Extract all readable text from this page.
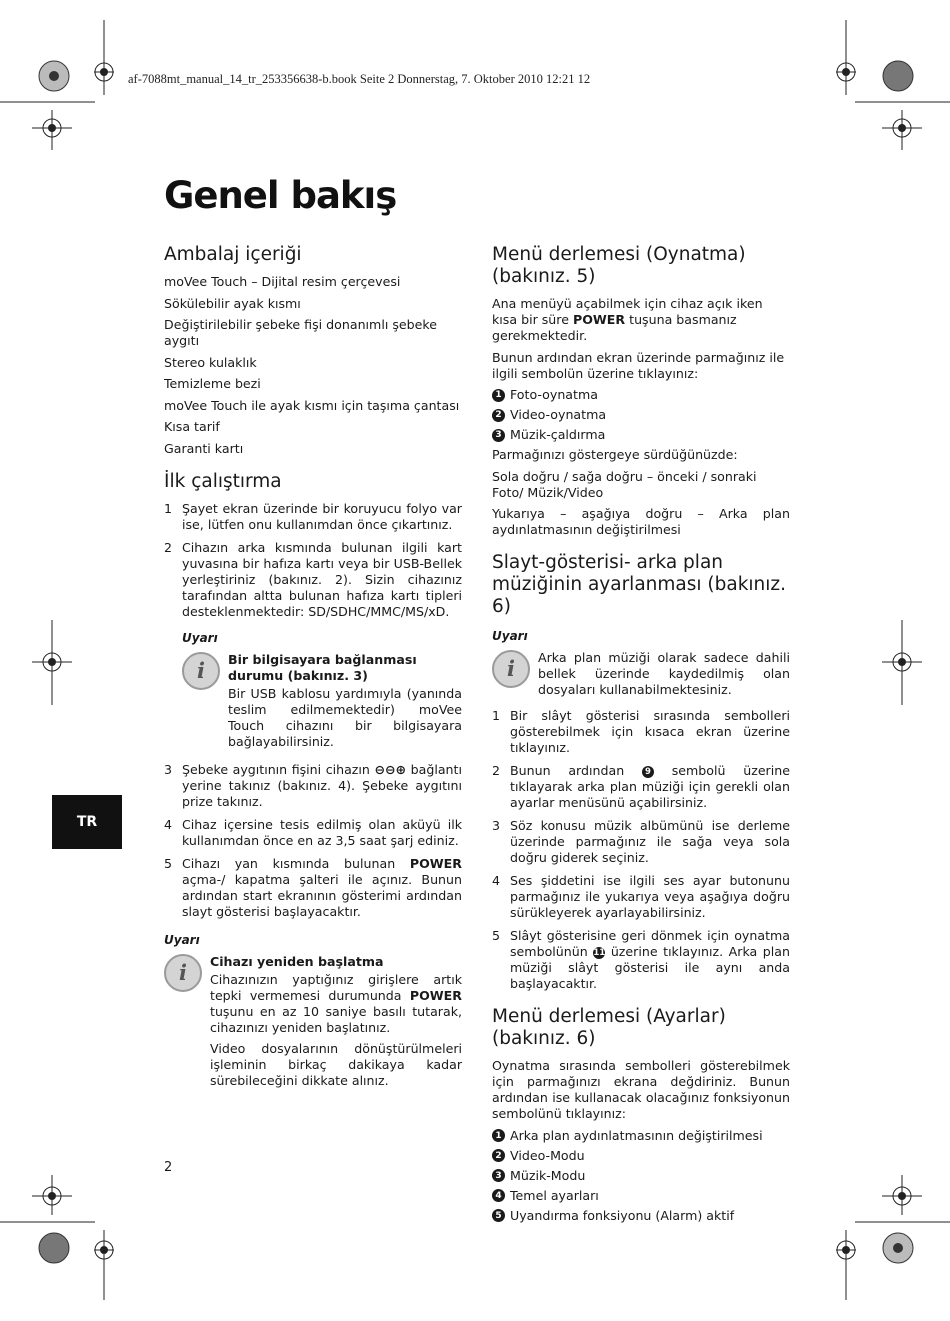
af-7088mt_manual_14_tr_253356638-b.book Seite 2 Donnerstag, 7. Oktober 2010 12:21 12
Genel bakış
Ambalaj içeriği
moVee Touch – Dijital resim çerçevesi
Sökülebilir ayak kısmı
Değiştirilebilir şebeke fişi donanımlı şebeke aygıtı
Stereo kulaklık
Temizleme bezi
moVee Touch ile ayak kısmı için taşıma çantası
Kısa tarif
Garanti kartı
İlk çalıştırma
1 Şayet ekran üzerinde bir koruyucu folyo var ise, lütfen onu kullanımdan önce çıkartınız.
2 Cihazın arka kısmında bulunan ilgili kart yuvasına bir hafıza kartı veya bir USB-Bellek yerleştiriniz (bakınız. 2). Sizin cihazınız tarafından altta bulunan hafıza kartı tipleri desteklenmektedir: SD/SDHC/MMC/MS/xD.
Uyarı
i	Bir bilgisayara bağlanması durumu (bakınız. 3)
Bir USB kablosu yardımıyla (yanında teslim edilmemektedir) moVee Touch cihazını bir bilgisayara bağlayabilirsiniz.
3 Şebeke aygıtının fişini cihazın ⊖⊖⊕ bağlantı yerine takınız (bakınız. 4). Şebeke aygıtını prize takınız.
4 Cihaz içersine tesis edilmiş olan aküyü ilk kullanımdan önce en az 3,5 saat şarj ediniz.
5 Cihazı yan kısmında bulunan POWER açma-/ kapatma şalteri ile açınız. Bunun ardından start ekranının gösterimi ardından slayt gösterisi başlayacaktır.
Uyarı
i	Cihazı yeniden başlatma
Cihazınızın yaptığınız girişlere artık tepki vermemesi durumunda POWER tuşunu en az 10 saniye basılı tutarak, cihazınızı yeniden başlatınız.
Video dosyalarının dönüştürülmeleri işleminin birkaç dakikaya kadar sürebileceğini dikkate alınız.
Menü derlemesi (Oynatma) (bakınız. 5)
Ana menüyü açabilmek için cihaz açık iken kısa bir süre POWER tuşuna basmanız gerekmektedir.
Bunun ardından ekran üzerinde parmağınız ile ilgili sembolün üzerine tıklayınız:
1 Foto-oynatma
2 Video-oynatma
3 Müzik-çaldırma
Parmağınızı göstergeye sürdüğünüzde:
Sola doğru / sağa doğru – önceki / sonraki Foto/ Müzik/Video
Yukarıya – aşağıya doğru – Arka plan aydınlatmasının değiştirilmesi
Slayt-gösterisi- arka plan müziğinin ayarlanması (bakınız. 6)
Uyarı
i	Arka plan müziği olarak sadece dahili bellek üzerinde kaydedilmiş olan dosyaları kullanabilmektesiniz.
1 Bir slâyt gösterisi sırasında sembolleri gösterebilmek için kısaca ekran üzerine tıklayınız.
2 Bunun ardından 9 sembolü üzerine tıklayarak arka plan müziği için gerekli olan ayarlar menüsünü açabilirsiniz.
3 Söz konusu müzik albümünü ise derleme üzerinde parmağınız ile sağa veya sola doğru giderek seçiniz.
4 Ses şiddetini ise ilgili ses ayar butonunu parmağınız ile yukarıya veya aşağıya doğru sürükleyerek ayarlayabilirsiniz.
5 Slâyt gösterisine geri dönmek için oynatma sembolünün 11 üzerine tıklayınız. Arka plan müziği slâyt gösterisi ile aynı anda başlayacaktır.
Menü derlemesi (Ayarlar) (bakınız. 6)
Oynatma sırasında sembolleri gösterebilmek için parmağınızı ekrana değdiriniz. Bunun ardından ise kullanacak olacağınız fonksiyonun sembolünü tıklayınız:
1 Arka plan aydınlatmasının değiştirilmesi
2 Video-Modu
3 Müzik-Modu
4 Temel ayarları
5 Uyandırma fonksiyonu (Alarm) aktif
TR
2
